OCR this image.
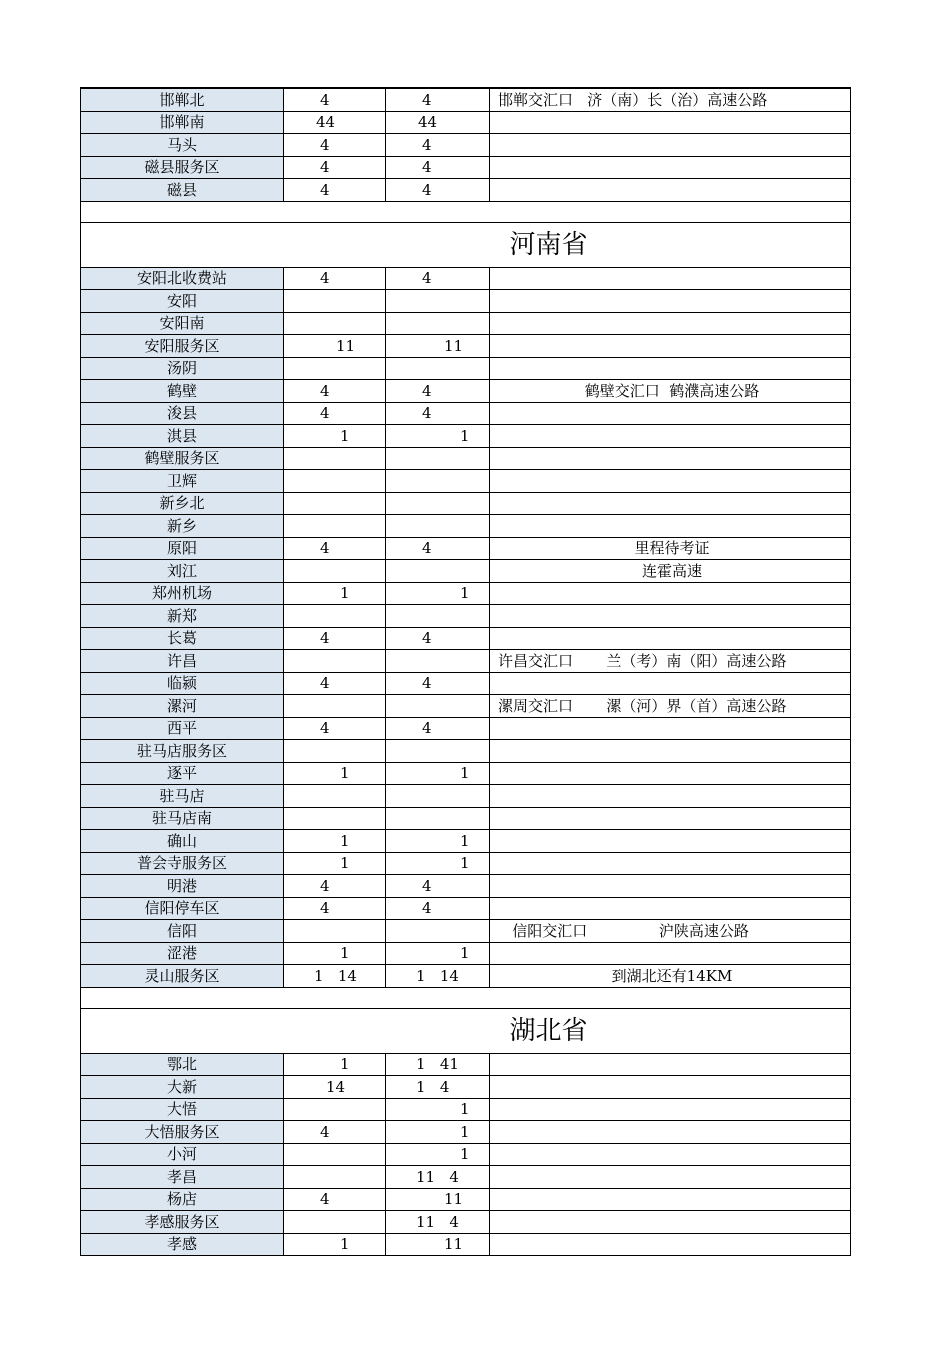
邯郸北	4	4	邯郸交汇口   济（南）长（治）高速公路
邯郸南	44	44	
马头	4	4	
磁县服务区	4	4	
磁县	4	4	

河南省			
安阳北收费站	4	4	
安阳			
安阳南			
安阳服务区	11	11	
汤阴			
鹤壁	4	4	鹤壁交汇口  鹤濮高速公路
浚县	4	4	
淇县	1	1	
鹤壁服务区			
卫辉			
新乡北			
新乡			
原阳	4	4	里程待考证
刘江			连霍高速
郑州机场	1	1	
新郑			
长葛	4	4	
许昌			许昌交汇口       兰（考）南（阳）高速公路
临颍	4	4	
漯河			漯周交汇口       漯（河）界（首）高速公路
西平	4	4	
驻马店服务区			
逐平	1	1	
驻马店			
驻马店南			
确山	1	1	
普会寺服务区	1	1	
明港	4	4	
信阳停车区	4	4	
信阳			信阳交汇口               沪陕高速公路
涩港	1	1	
灵山服务区	1   14	1   14	到湖北还有14KM

湖北省			
鄂北	1	1   41	
大新	14	1   4	
大悟		1	
大悟服务区	4	1	
小河		1	
孝昌		11   4	
杨店	4	11	
孝感服务区		11   4	
孝感	1	11	
